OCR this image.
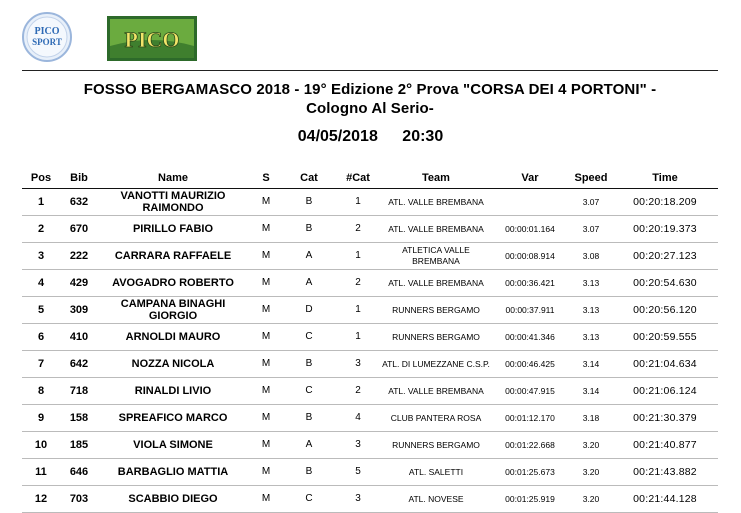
PICO
SPORT	PICO
FOSSO BERGAMASCO 2018 - 19° Edizione 2° Prova "CORSA DEI 4 PORTONI" - Cologno Al Serio-
04/05/2018 20:30
Pos	Bib	Name	S	Cat	#Cat	Team	Var	Speed	Time
1	632	VANOTTI MAURIZIO RAIMONDO	M	B	1	ATL. VALLE BREMBANA		3.07	00:20:18.209
2	670	PIRILLO FABIO	M	B	2	ATL. VALLE BREMBANA	00:00:01.164	3.07	00:20:19.373
3	222	CARRARA RAFFAELE	M	A	1	ATLETICA VALLE BREMBANA	00:00:08.914	3.08	00:20:27.123
4	429	AVOGADRO ROBERTO	M	A	2	ATL. VALLE BREMBANA	00:00:36.421	3.13	00:20:54.630
5	309	CAMPANA BINAGHI GIORGIO	M	D	1	RUNNERS BERGAMO	00:00:37.911	3.13	00:20:56.120
6	410	ARNOLDI MAURO	M	C	1	RUNNERS BERGAMO	00:00:41.346	3.13	00:20:59.555
7	642	NOZZA NICOLA	M	B	3	ATL. DI LUMEZZANE C.S.P.	00:00:46.425	3.14	00:21:04.634
8	718	RINALDI LIVIO	M	C	2	ATL. VALLE BREMBANA	00:00:47.915	3.14	00:21:06.124
9	158	SPREAFICO MARCO	M	B	4	CLUB PANTERA ROSA	00:01:12.170	3.18	00:21:30.379
10	185	VIOLA SIMONE	M	A	3	RUNNERS BERGAMO	00:01:22.668	3.20	00:21:40.877
11	646	BARBAGLIO MATTIA	M	B	5	ATL. SALETTI	00:01:25.673	3.20	00:21:43.882
12	703	SCABBIO DIEGO	M	C	3	ATL. NOVESE	00:01:25.919	3.20	00:21:44.128
